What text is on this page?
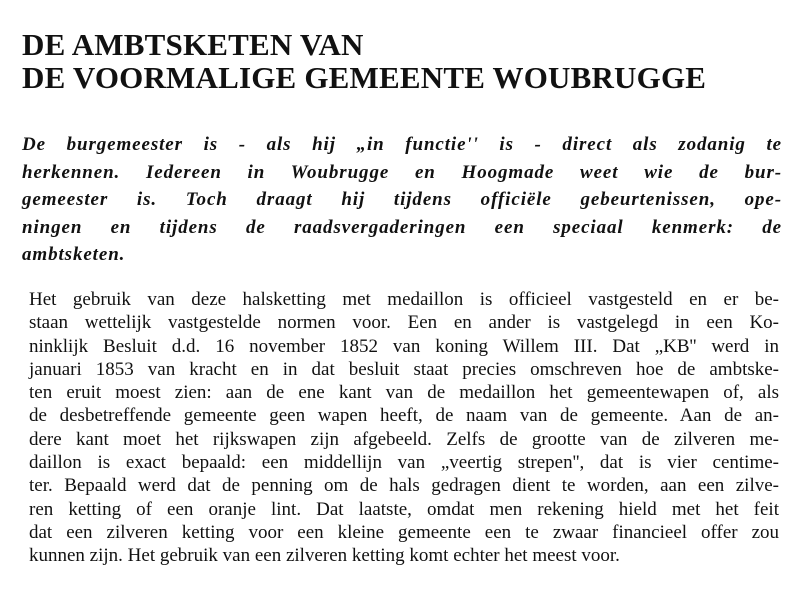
DE AMBTSKETEN VAN
DE VOORMALIGE GEMEENTE WOUBRUGGE

De burgemeester is - als hij „in functie'' is - direct als zodanig te
herkennen. Iedereen in Woubrugge en Hoogmade weet wie de bur-
gemeester is. Toch draagt hij tijdens officiële gebeurtenissen, ope-
ningen en tijdens de raadsvergaderingen een speciaal kenmerk: de
ambtsketen.

Het gebruik van deze halsketting met medaillon is officieel vastgesteld en er be-
staan wettelijk vastgestelde normen voor. Een en ander is vastgelegd in een Ko-
ninklijk Besluit d.d. 16 november 1852 van koning Willem III. Dat „KB'' werd in
januari 1853 van kracht en in dat besluit staat precies omschreven hoe de ambtske-
ten eruit moest zien: aan de ene kant van de medaillon het gemeentewapen of, als
de desbetreffende gemeente geen wapen heeft, de naam van de gemeente. Aan de an-
dere kant moet het rijkswapen zijn afgebeeld. Zelfs de grootte van de zilveren me-
daillon is exact bepaald: een middellijn van „veertig strepen'', dat is vier centime-
ter. Bepaald werd dat de penning om de hals gedragen dient te worden, aan een zilve-
ren ketting of een oranje lint. Dat laatste, omdat men rekening hield met het feit
dat een zilveren ketting voor een kleine gemeente een te zwaar financieel offer zou
kunnen zijn. Het gebruik van een zilveren ketting komt echter het meest voor.
